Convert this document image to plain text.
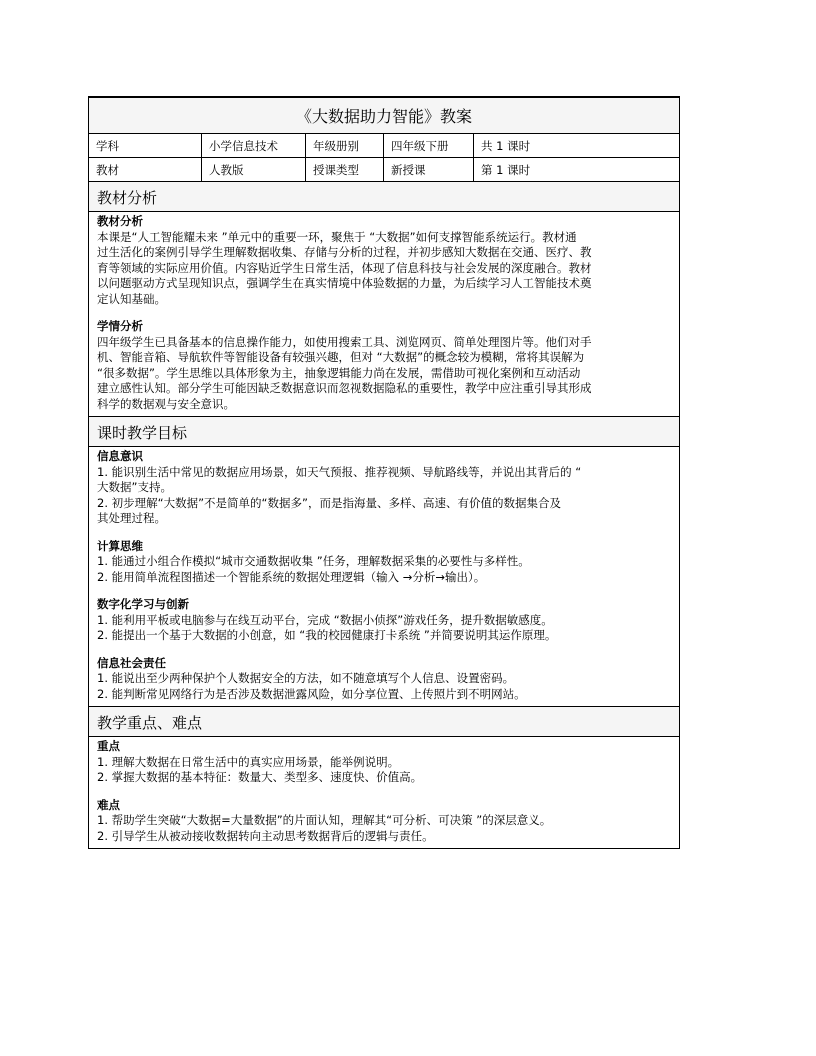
《大数据助力智能》教案
学科	小学信息技术	年级册别	四年级下册	共 1 课时
教材	人教版	授课类型	新授课	第 1 课时
教材分析
教材分析
本课是“人工智能耀未来 ”单元中的重要一环，聚焦于 “大数据”如何支撑智能系统运行。教材通
过生活化的案例引导学生理解数据收集、存储与分析的过程，并初步感知大数据在交通、医疗、教
育等领域的实际应用价值。内容贴近学生日常生活，体现了信息科技与社会发展的深度融合。教材
以问题驱动方式呈现知识点，强调学生在真实情境中体验数据的力量，为后续学习人工智能技术奠
定认知基础。
学情分析
四年级学生已具备基本的信息操作能力，如使用搜索工具、浏览网页、简单处理图片等。他们对手
机、智能音箱、导航软件等智能设备有较强兴趣，但对 “大数据”的概念较为模糊，常将其误解为
“很多数据”。学生思维以具体形象为主，抽象逻辑能力尚在发展，需借助可视化案例和互动活动
建立感性认知。部分学生可能因缺乏数据意识而忽视数据隐私的重要性，教学中应注重引导其形成
科学的数据观与安全意识。
课时教学目标
信息意识
1. 能识别生活中常见的数据应用场景，如天气预报、推荐视频、导航路线等，并说出其背后的 “
大数据”支持。
2. 初步理解“大数据”不是简单的“数据多”，而是指海量、多样、高速、有价值的数据集合及
其处理过程。
计算思维
1. 能通过小组合作模拟“城市交通数据收集 ”任务，理解数据采集的必要性与多样性。
2. 能用简单流程图描述一个智能系统的数据处理逻辑（输入 →分析→输出）。
数字化学习与创新
1. 能利用平板或电脑参与在线互动平台，完成 “数据小侦探”游戏任务，提升数据敏感度。
2. 能提出一个基于大数据的小创意，如 “我的校园健康打卡系统 ”并简要说明其运作原理。
信息社会责任
1. 能说出至少两种保护个人数据安全的方法，如不随意填写个人信息、设置密码。
2. 能判断常见网络行为是否涉及数据泄露风险，如分享位置、上传照片到不明网站。
教学重点、难点
重点
1. 理解大数据在日常生活中的真实应用场景，能举例说明。
2. 掌握大数据的基本特征：数量大、类型多、速度快、价值高。
难点
1. 帮助学生突破“大数据=大量数据”的片面认知，理解其“可分析、可决策 ”的深层意义。
2. 引导学生从被动接收数据转向主动思考数据背后的逻辑与责任。
